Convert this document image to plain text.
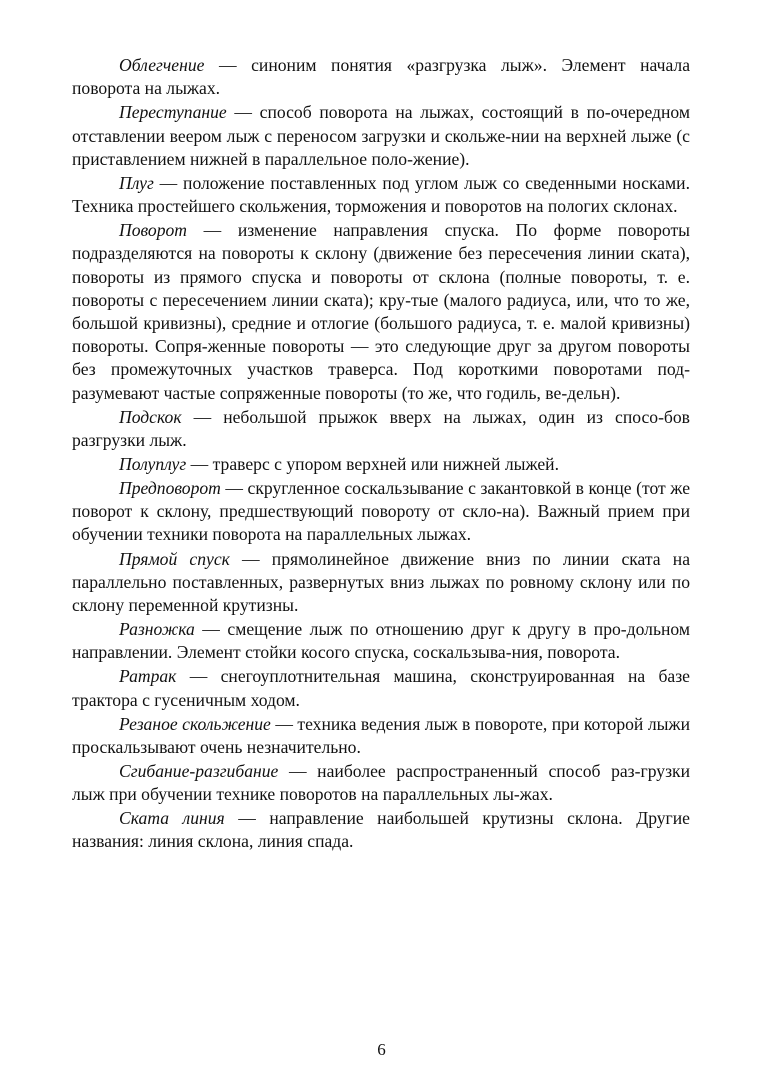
Облегчение — синоним понятия «разгрузка лыж». Элемент начала поворота на лыжах.

Переступание — способ поворота на лыжах, состоящий в по-очередном отставлении веером лыж с переносом загрузки и скольже-нии на верхней лыже (с приставлением нижней в параллельное поло-жение).

Плуг — положение поставленных под углом лыж со сведенными носками. Техника простейшего скольжения, торможения и поворотов на пологих склонах.

Поворот — изменение направления спуска. По форме повороты подразделяются на повороты к склону (движение без пересечения линии ската), повороты из прямого спуска и повороты от склона (полные повороты, т. е. повороты с пересечением линии ската); кру-тые (малого радиуса, или, что то же, большой кривизны), средние и отлогие (большого радиуса, т. е. малой кривизны) повороты. Сопря-женные повороты — это следующие друг за другом повороты без промежуточных участков траверса. Под короткими поворотами под-разумевают частые сопряженные повороты (то же, что годиль, ве-дельн).

Подскок — небольшой прыжок вверх на лыжах, один из спосо-бов разгрузки лыж.

Полуплуг — траверс с упором верхней или нижней лыжей.

Предповорот — скругленное соскальзывание с закантовкой в конце (тот же поворот к склону, предшествующий повороту от скло-на). Важный прием при обучении техники поворота на параллельных лыжах.

Прямой спуск — прямолинейное движение вниз по линии ската на параллельно поставленных, развернутых вниз лыжах по ровному склону или по склону переменной крутизны.

Разножка — смещение лыж по отношению друг к другу в про-дольном направлении. Элемент стойки косого спуска, соскальзыва-ния, поворота.

Ратрак — снегоуплотнительная машина, сконструированная на базе трактора с гусеничным ходом.

Резаное скольжение — техника ведения лыж в повороте, при которой лыжи проскальзывают очень незначительно.

Сгибание-разгибание — наиболее распространенный способ раз-грузки лыж при обучении технике поворотов на параллельных лы-жах.

Ската линия — направление наибольшей крутизны склона. Другие названия: линия склона, линия спада.

6
